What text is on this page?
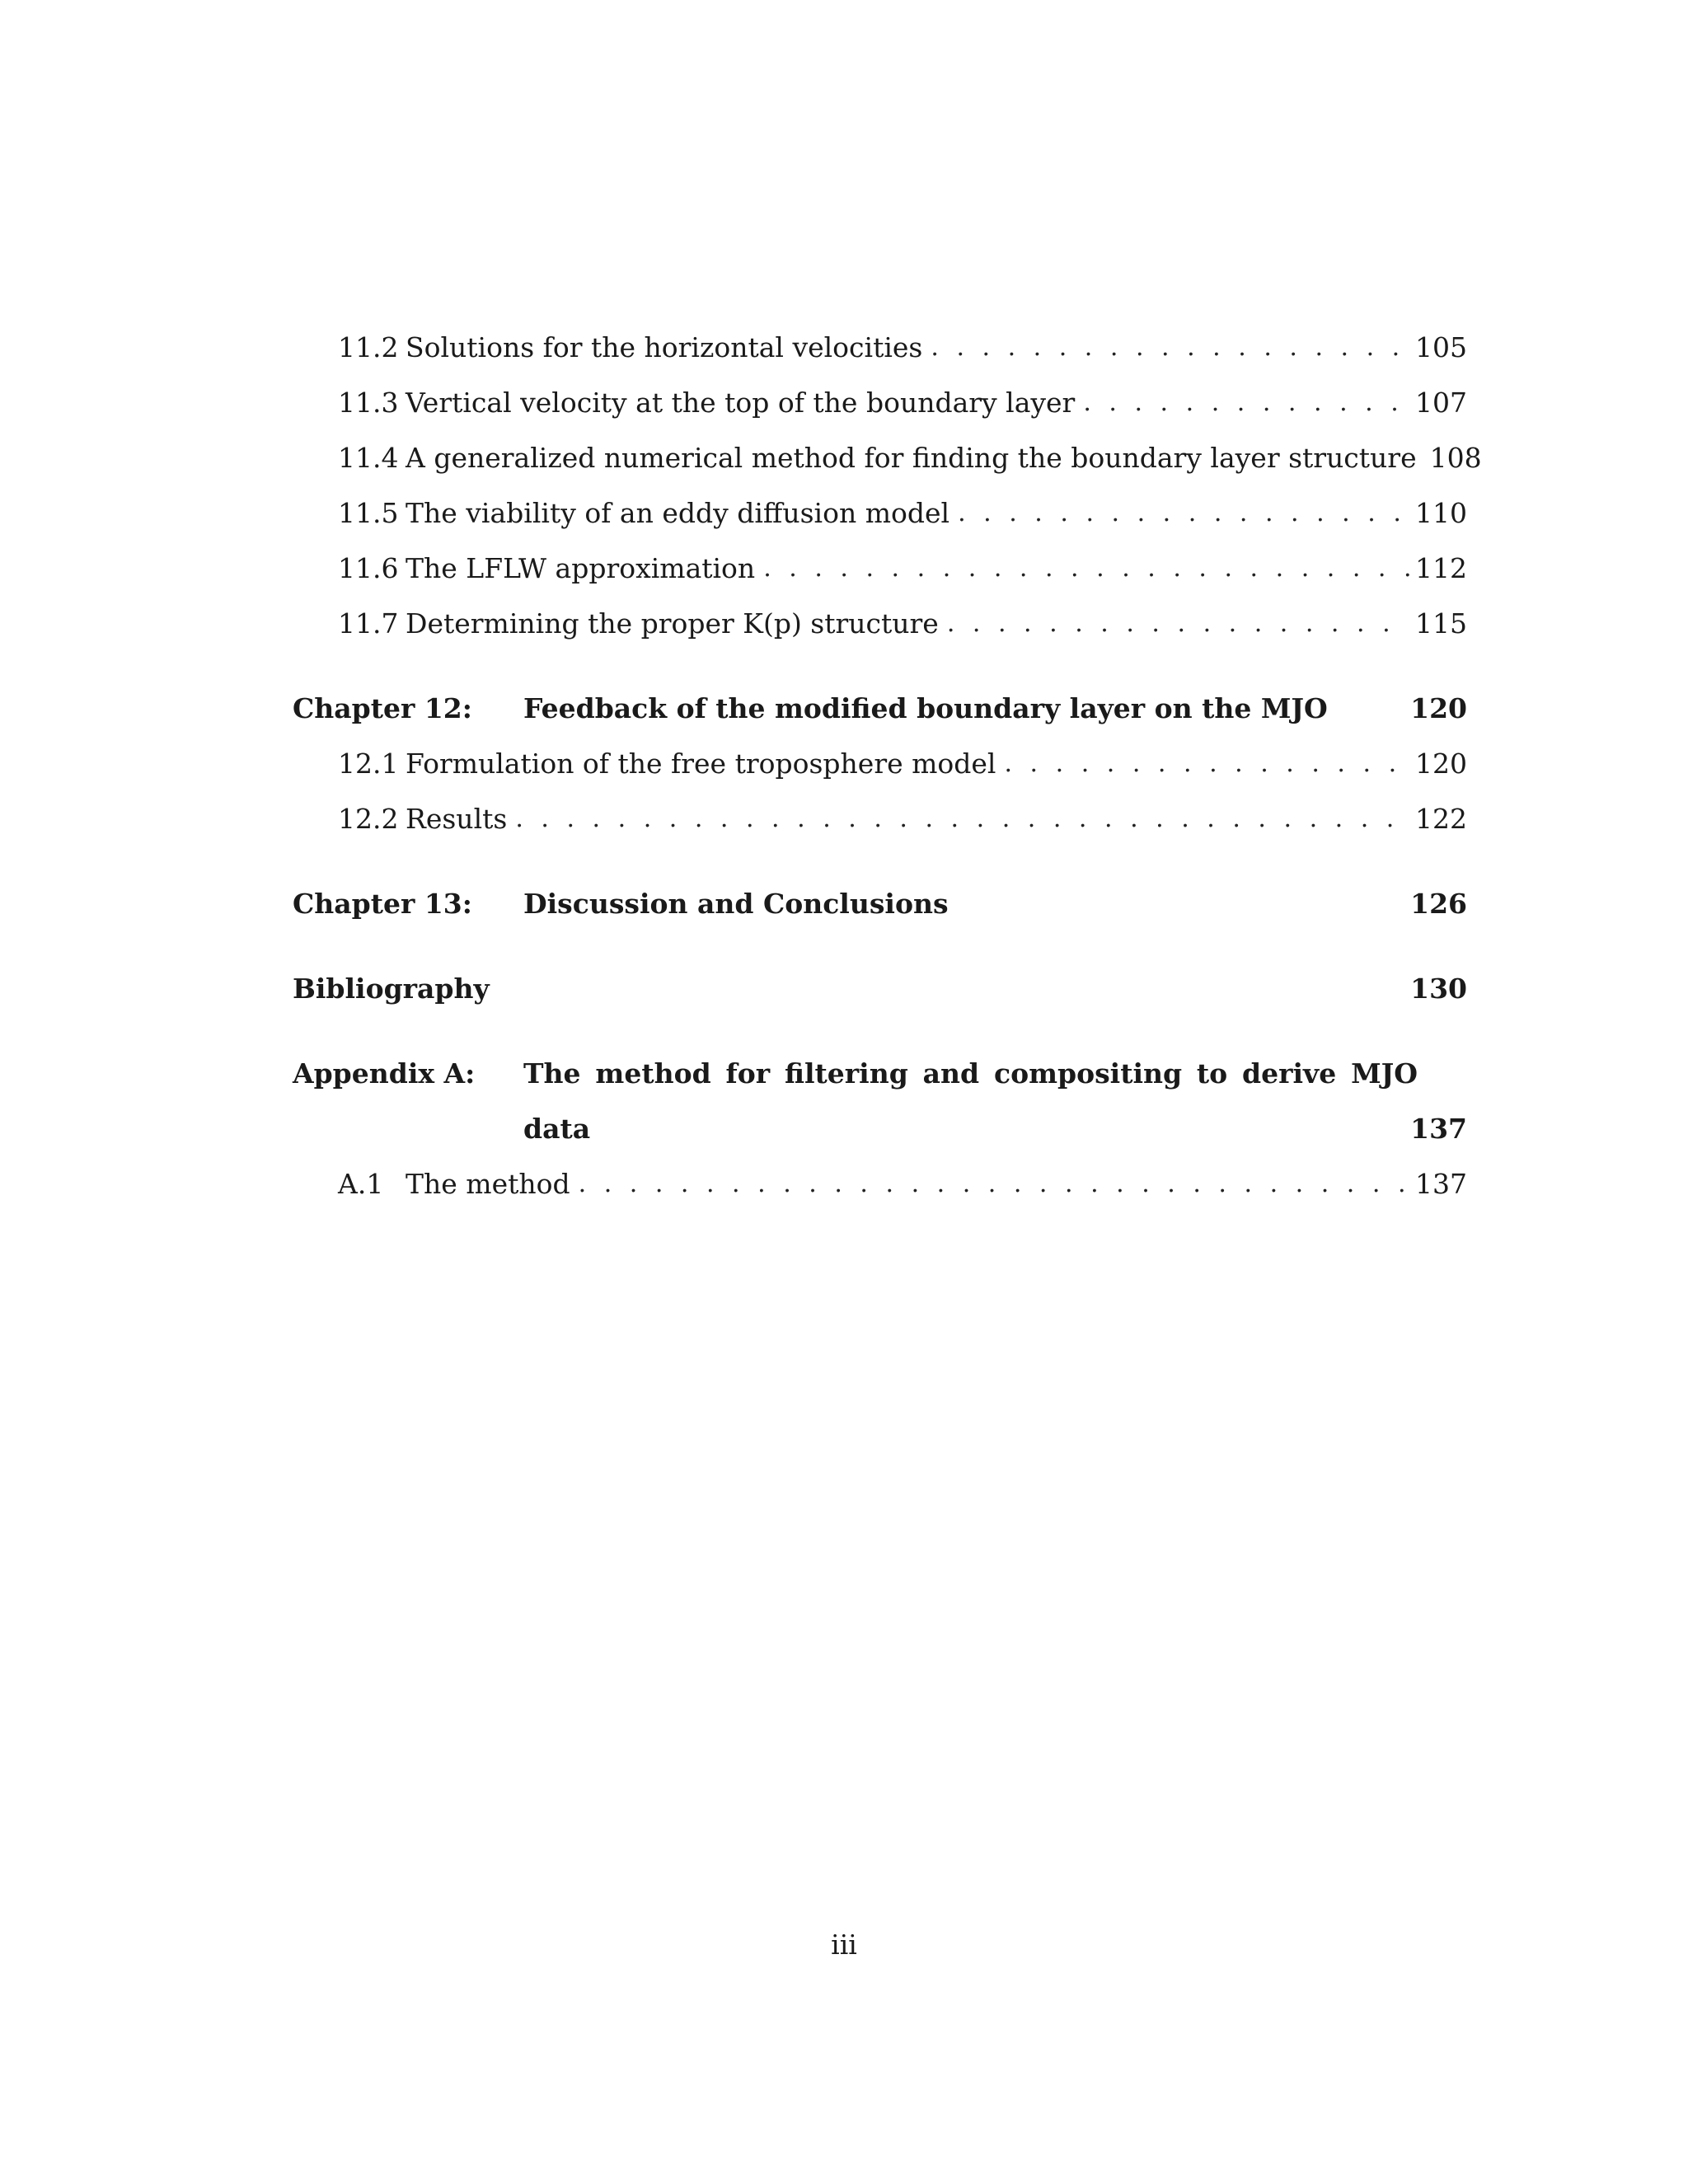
11.2 Solutions for the horizontal velocities . . .	105
11.3 Vertical velocity at the top of the boundary layer . . .	107
11.4 A generalized numerical method for finding the boundary layer structure . . . 108
11.5 The viability of an eddy diffusion model . . .	110
11.6 The LFLW approximation . . .	112
11.7 Determining the proper K(p) structure . . .	115
Chapter 12:	Feedback of the modified boundary layer on the MJO	120
12.1 Formulation of the free troposphere model . . .	120
12.2 Results . . .	122
Chapter 13:	Discussion and Conclusions	126
Bibliography	130
Appendix A:	The method for filtering and compositing to derive MJO
data	137
A.1 The method . . .	137
iii
